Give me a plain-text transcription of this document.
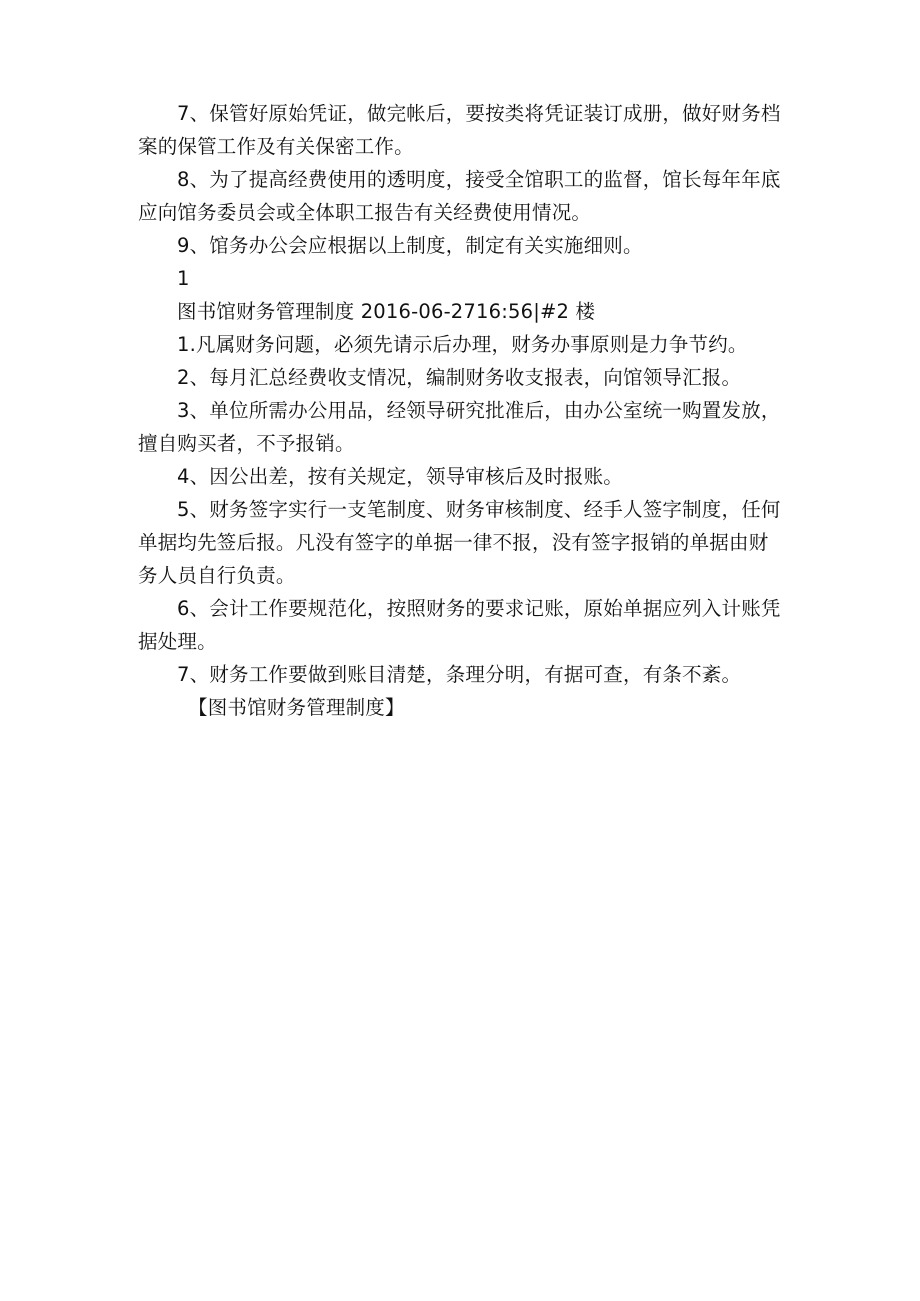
7、保管好原始凭证，做完帐后，要按类将凭证装订成册，做好财务档案的保管工作及有关保密工作。

8、为了提高经费使用的透明度，接受全馆职工的监督，馆长每年年底应向馆务委员会或全体职工报告有关经费使用情况。

9、馆务办公会应根据以上制度，制定有关实施细则。

1

图书馆财务管理制度 2016-06-2716:56|#2 楼

1.凡属财务问题，必须先请示后办理，财务办事原则是力争节约。

2、每月汇总经费收支情况，编制财务收支报表，向馆领导汇报。

3、单位所需办公用品，经领导研究批准后，由办公室统一购置发放，擅自购买者，不予报销。

4、因公出差，按有关规定，领导审核后及时报账。

5、财务签字实行一支笔制度、财务审核制度、经手人签字制度，任何单据均先签后报。凡没有签字的单据一律不报，没有签字报销的单据由财务人员自行负责。

6、会计工作要规范化，按照财务的要求记账，原始单据应列入计账凭据处理。

7、财务工作要做到账目清楚，条理分明，有据可查，有条不紊。

【图书馆财务管理制度】
